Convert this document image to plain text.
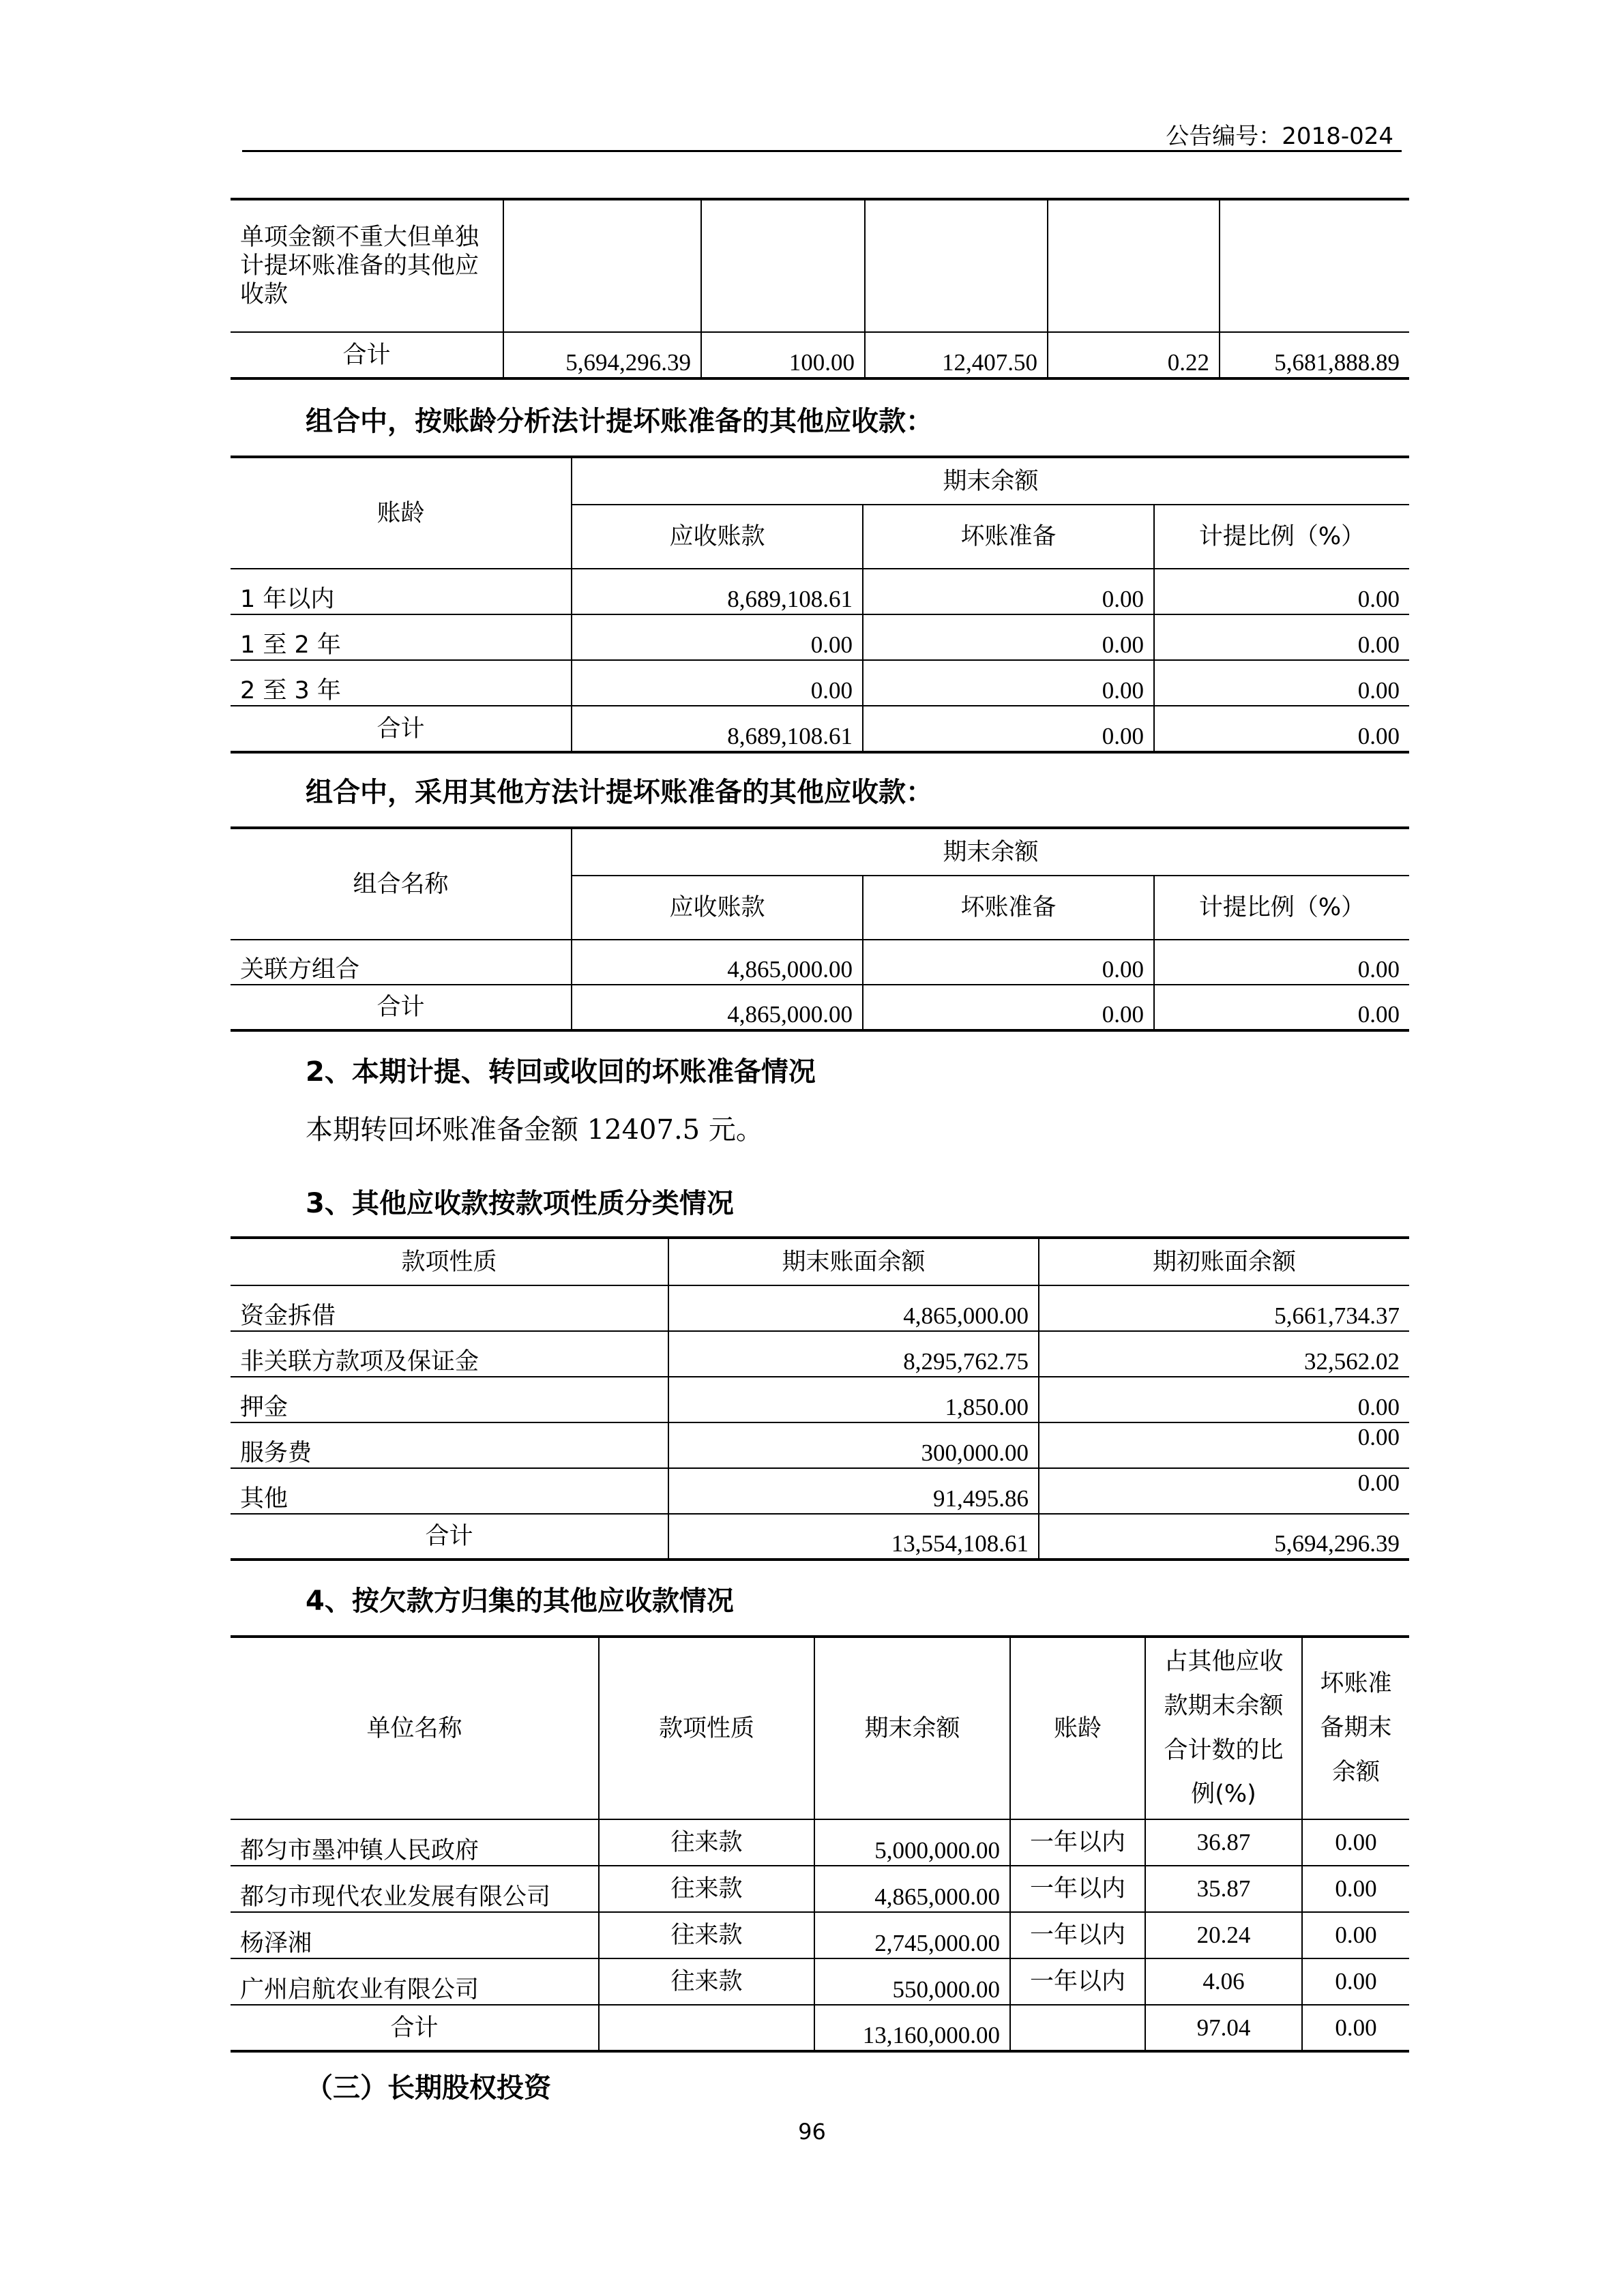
公告编号：2018-024
单项金额不重大但单独计提坏账准备的其他应收款					
合计	5,694,296.39	100.00	12,407.50	0.22	5,681,888.89
组合中，按账龄分析法计提坏账准备的其他应收款：
账龄	期末余额		
	应收账款	坏账准备	计提比例（%）
1 年以内	8,689,108.61	0.00	0.00
1 至 2 年	0.00	0.00	0.00
2 至 3 年	0.00	0.00	0.00
合计	8,689,108.61	0.00	0.00
组合中，采用其他方法计提坏账准备的其他应收款：
组合名称	期末余额		
	应收账款	坏账准备	计提比例（%）
关联方组合	4,865,000.00	0.00	0.00
合计	4,865,000.00	0.00	0.00
2、本期计提、转回或收回的坏账准备情况
本期转回坏账准备金额 12407.5 元。
3、其他应收款按款项性质分类情况
款项性质	期末账面余额	期初账面余额
资金拆借	4,865,000.00	5,661,734.37
非关联方款项及保证金	8,295,762.75	32,562.02
押金	1,850.00	0.00
服务费	300,000.00	0.00
其他	91,495.86	0.00
合计	13,554,108.61	5,694,296.39
4、按欠款方归集的其他应收款情况
单位名称	款项性质	期末余额	账龄	占其他应收款期末余额合计数的比例(%)	坏账准备期末余额
都匀市墨冲镇人民政府	往来款	5,000,000.00	一年以内	36.87	0.00
都匀市现代农业发展有限公司	往来款	4,865,000.00	一年以内	35.87	0.00
杨泽湘	往来款	2,745,000.00	一年以内	20.24	0.00
广州启航农业有限公司	往来款	550,000.00	一年以内	4.06	0.00
合计		13,160,000.00		97.04	0.00
（三）长期股权投资
96
